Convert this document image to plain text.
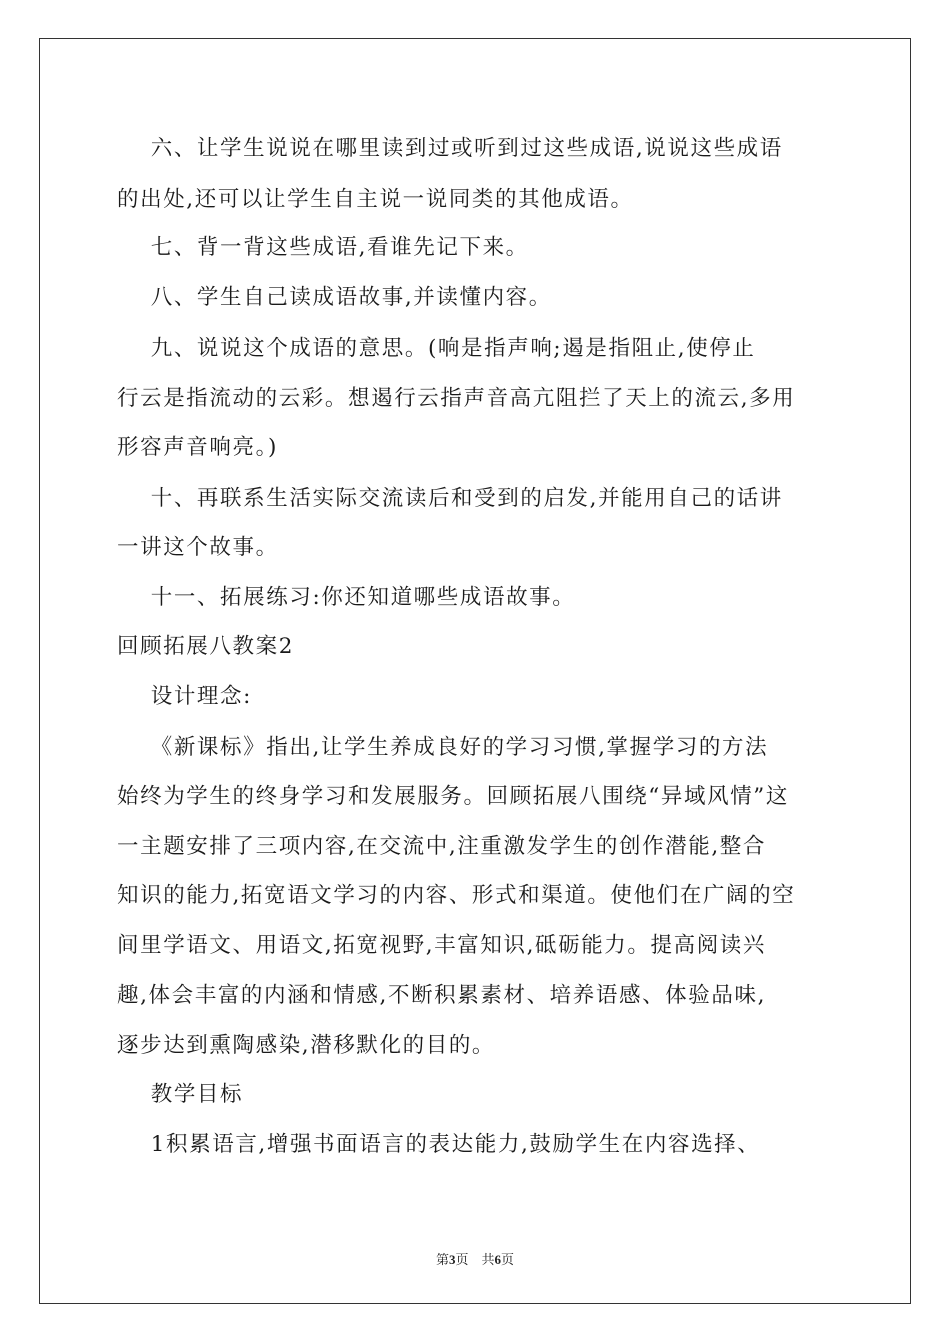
六、让学生说说在哪里读到过或听到过这些成语,说说这些成语
的出处,还可以让学生自主说一说同类的其他成语。
七、背一背这些成语,看谁先记下来。
八、学生自己读成语故事,并读懂内容。
九、说说这个成语的意思。(响是指声响;遏是指阻止,使停止
行云是指流动的云彩。想遏行云指声音高亢阻拦了天上的流云,多用
形容声音响亮。)
十、再联系生活实际交流读后和受到的启发,并能用自己的话讲
一讲这个故事。
十一、拓展练习:你还知道哪些成语故事。
回顾拓展八教案2
设计理念:
《新课标》指出,让学生养成良好的学习习惯,掌握学习的方法
始终为学生的终身学习和发展服务。回顾拓展八围绕“异域风情”这
一主题安排了三项内容,在交流中,注重激发学生的创作潜能,整合
知识的能力,拓宽语文学习的内容、形式和渠道。使他们在广阔的空
间里学语文、用语文,拓宽视野,丰富知识,砥砺能力。提高阅读兴
趣,体会丰富的内涵和情感,不断积累素材、培养语感、体验品味,
逐步达到熏陶感染,潜移默化的目的。
教学目标
1积累语言,增强书面语言的表达能力,鼓励学生在内容选择、
第3页 共6页
